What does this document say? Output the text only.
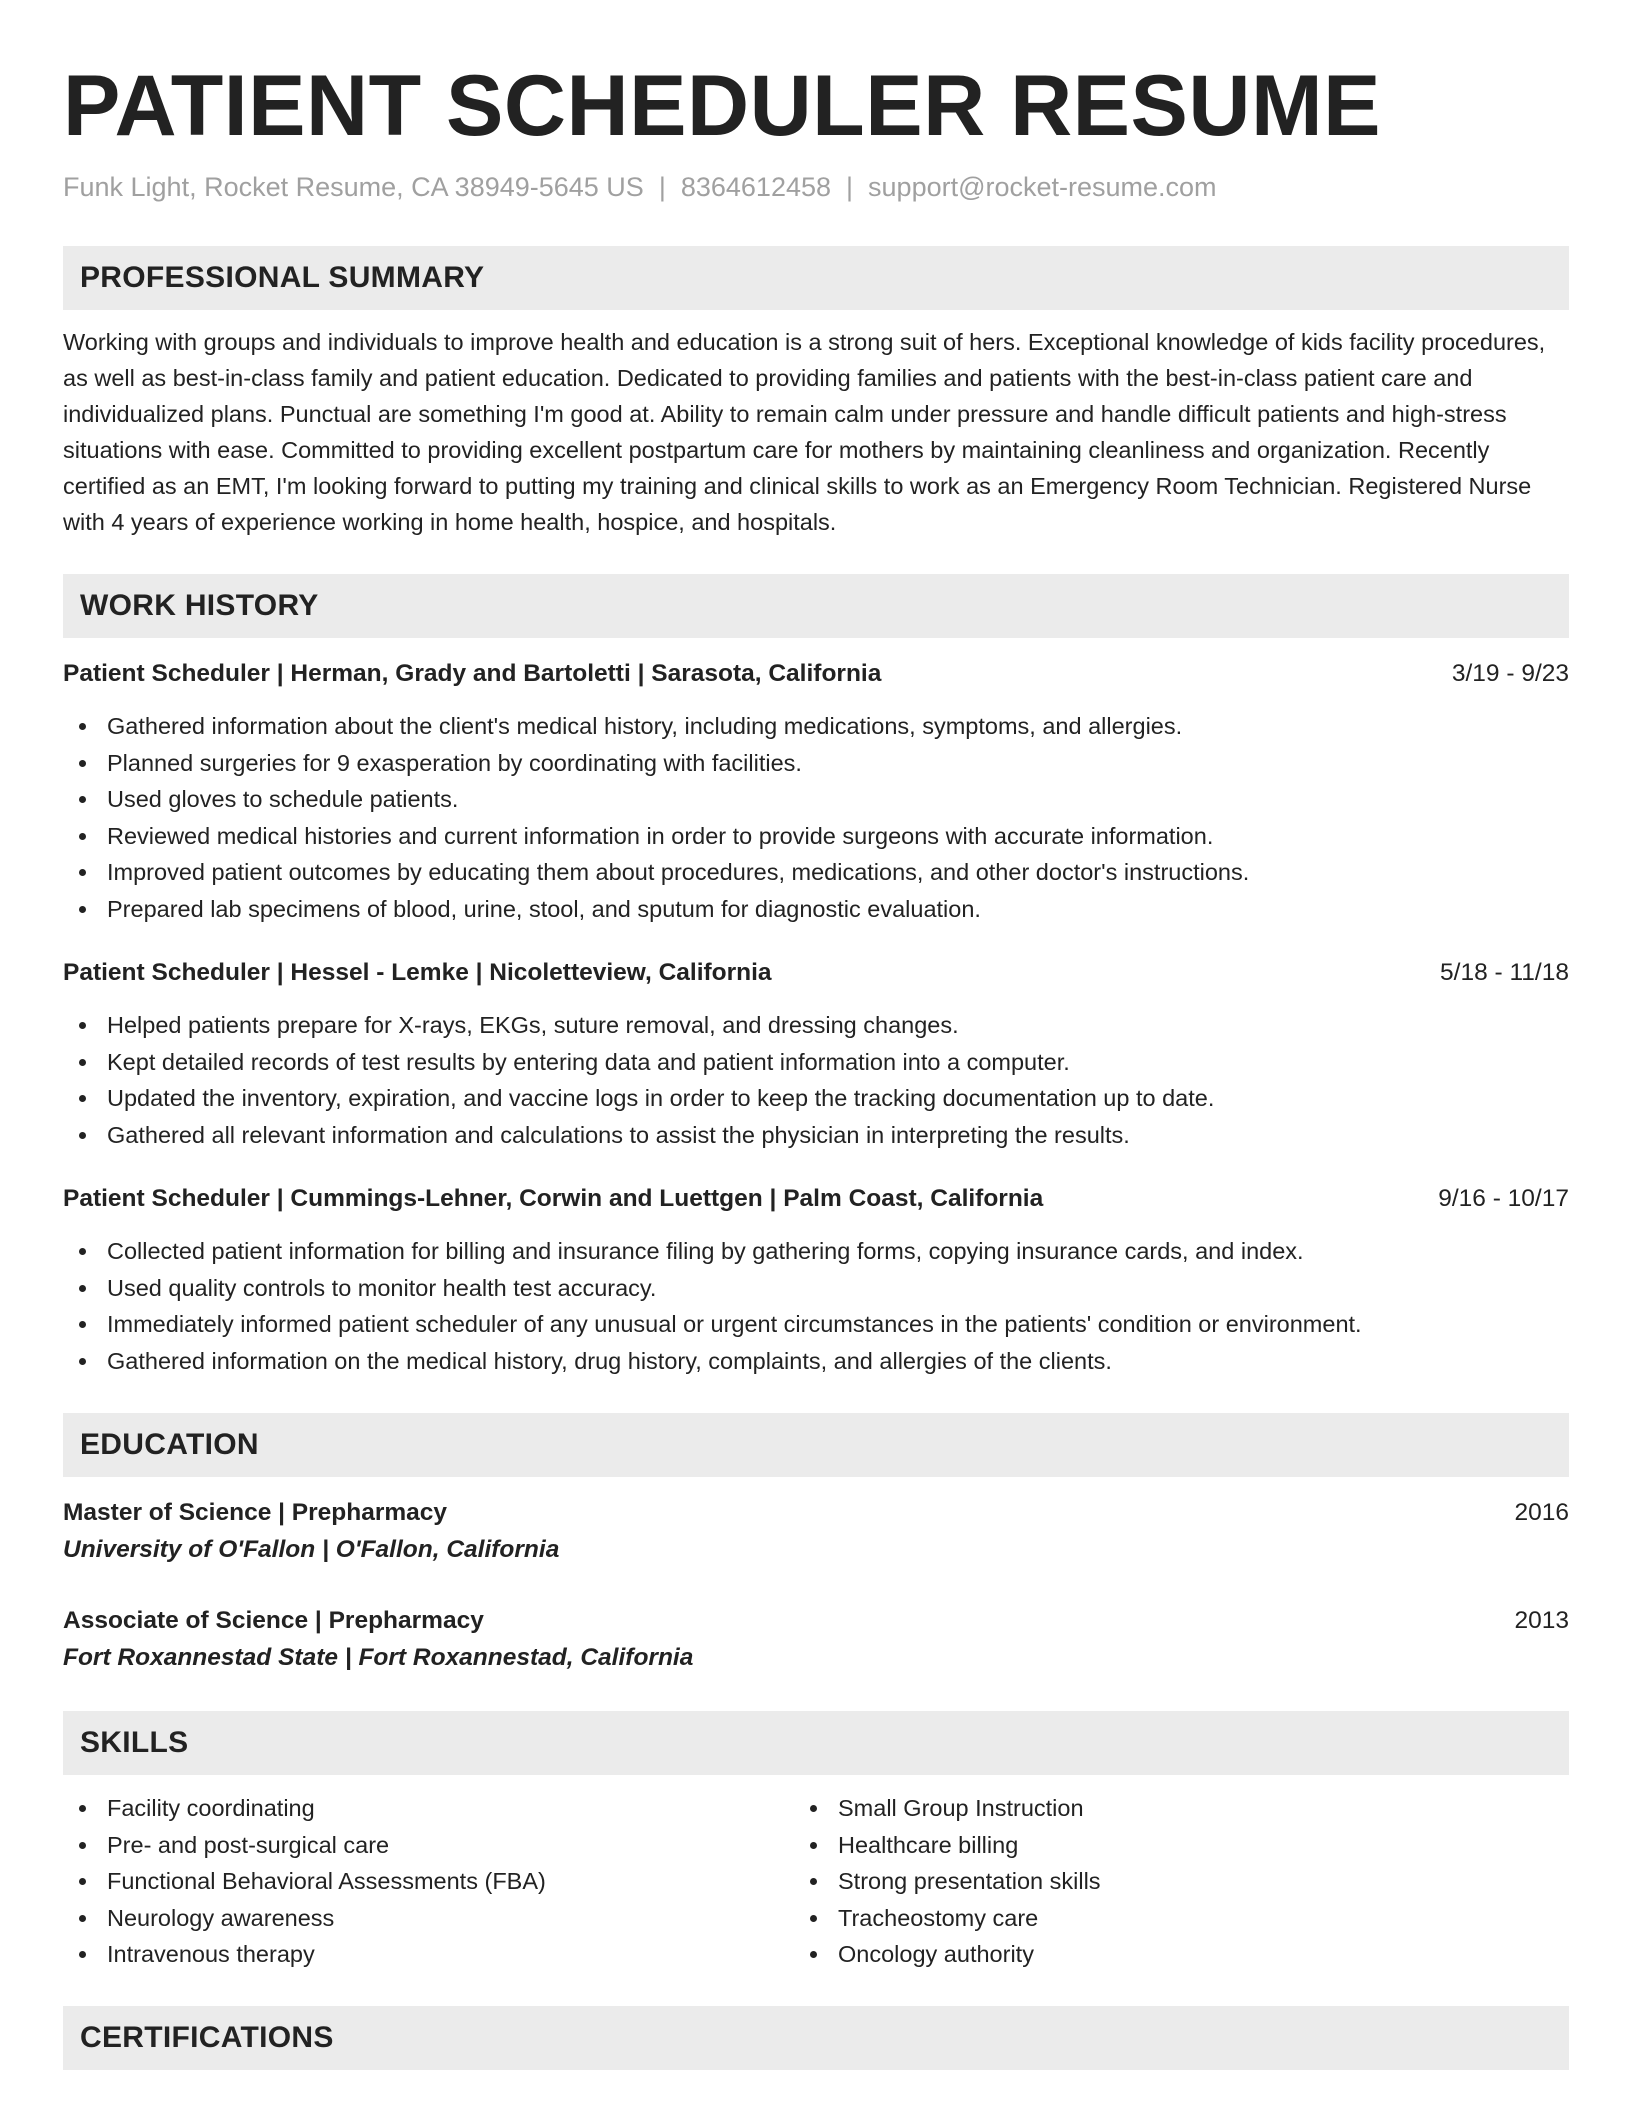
PATIENT SCHEDULER RESUME
Funk Light, Rocket Resume, CA 38949-5645 US | 8364612458 | support@rocket-resume.com
PROFESSIONAL SUMMARY

Working with groups and individuals to improve health and education is a strong suit of hers. Exceptional knowledge of kids facility procedures, as well as best-in-class family and patient education. Dedicated to providing families and patients with the best-in-class patient care and individualized plans. Punctual are something I'm good at. Ability to remain calm under pressure and handle difficult patients and high-stress situations with ease. Committed to providing excellent postpartum care for mothers by maintaining cleanliness and organization. Recently certified as an EMT, I'm looking forward to putting my training and clinical skills to work as an Emergency Room Technician. Registered Nurse with 4 years of experience working in home health, hospice, and hospitals.

WORK HISTORY
Patient Scheduler | Herman, Grady and Bartoletti | Sarasota, California	3/19 - 9/23
Gathered information about the client's medical history, including medications, symptoms, and allergies.
Planned surgeries for 9 exasperation by coordinating with facilities.
Used gloves to schedule patients.
Reviewed medical histories and current information in order to provide surgeons with accurate information.
Improved patient outcomes by educating them about procedures, medications, and other doctor's instructions.
Prepared lab specimens of blood, urine, stool, and sputum for diagnostic evaluation.
Patient Scheduler | Hessel - Lemke | Nicoletteview, California	5/18 - 11/18
Helped patients prepare for X-rays, EKGs, suture removal, and dressing changes.
Kept detailed records of test results by entering data and patient information into a computer.
Updated the inventory, expiration, and vaccine logs in order to keep the tracking documentation up to date.
Gathered all relevant information and calculations to assist the physician in interpreting the results.
Patient Scheduler | Cummings-Lehner, Corwin and Luettgen | Palm Coast, California	9/16 - 10/17
Collected patient information for billing and insurance filing by gathering forms, copying insurance cards, and index.
Used quality controls to monitor health test accuracy.
Immediately informed patient scheduler of any unusual or urgent circumstances in the patients' condition or environment.
Gathered information on the medical history, drug history, complaints, and allergies of the clients.
EDUCATION
Master of Science | Prepharmacy	2016
University of O'Fallon | O'Fallon, California
Associate of Science | Prepharmacy	2013
Fort Roxannestad State | Fort Roxannestad, California
SKILLS
Facility coordinating
Pre- and post-surgical care
Functional Behavioral Assessments (FBA)
Neurology awareness
Intravenous therapy
Small Group Instruction
Healthcare billing
Strong presentation skills
Tracheostomy care
Oncology authority
CERTIFICATIONS
